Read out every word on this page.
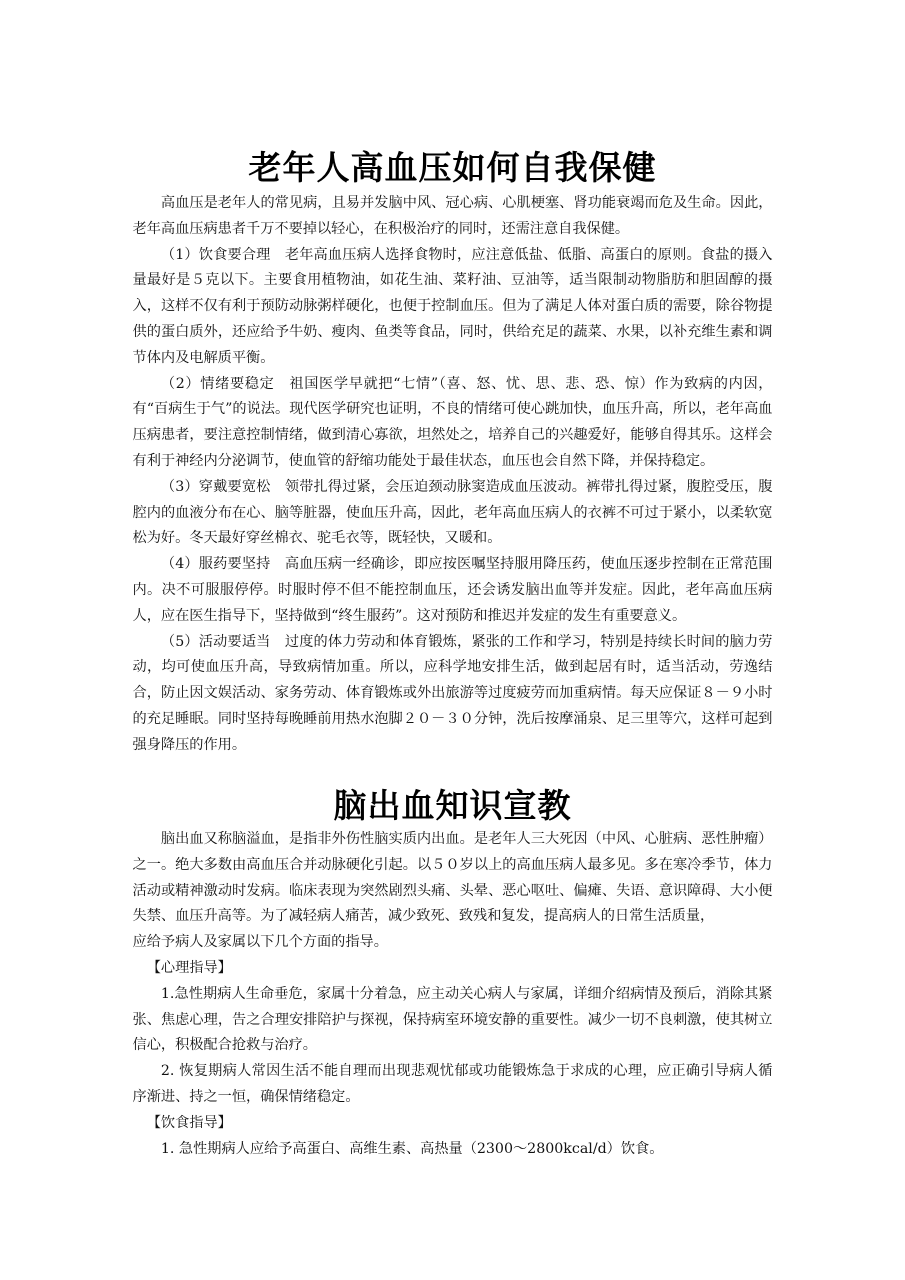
老年人高血压如何自我保健

高血压是老年人的常见病，且易并发脑中风、冠心病、心肌梗塞、肾功能衰竭而危及生命。因此，老年高血压病患者千万不要掉以轻心，在积极治疗的同时，还需注意自我保健。

（1）饮食要合理　老年高血压病人选择食物时，应注意低盐、低脂、高蛋白的原则。食盐的摄入量最好是５克以下。主要食用植物油，如花生油、菜籽油、豆油等，适当限制动物脂肪和胆固醇的摄入，这样不仅有利于预防动脉粥样硬化，也便于控制血压。但为了满足人体对蛋白质的需要，除谷物提供的蛋白质外，还应给予牛奶、瘦肉、鱼类等食品，同时，供给充足的蔬菜、水果，以补充维生素和调节体内及电解质平衡。

（2）情绪要稳定　祖国医学早就把“七情”（喜、怒、忧、思、悲、恐、惊）作为致病的内因，有“百病生于气”的说法。现代医学研究也证明，不良的情绪可使心跳加快，血压升高，所以，老年高血压病患者，要注意控制情绪，做到清心寡欲，坦然处之，培养自己的兴趣爱好，能够自得其乐。这样会有利于神经内分泌调节，使血管的舒缩功能处于最佳状态，血压也会自然下降，并保持稳定。

（3）穿戴要宽松　领带扎得过紧，会压迫颈动脉窦造成血压波动。裤带扎得过紧，腹腔受压，腹腔内的血液分布在心、脑等脏器，使血压升高，因此，老年高血压病人的衣裤不可过于紧小，以柔软宽松为好。冬天最好穿丝棉衣、驼毛衣等，既轻快，又暖和。

（4）服药要坚持　高血压病一经确诊，即应按医嘱坚持服用降压药，使血压逐步控制在正常范围内。决不可服服停停。时服时停不但不能控制血压，还会诱发脑出血等并发症。因此，老年高血压病人，应在医生指导下，坚持做到“终生服药”。这对预防和推迟并发症的发生有重要意义。

（5）活动要适当　过度的体力劳动和体育锻炼，紧张的工作和学习，特别是持续长时间的脑力劳动，均可使血压升高，导致病情加重。所以，应科学地安排生活，做到起居有时，适当活动，劳逸结合，防止因文娱活动、家务劳动、体育锻炼或外出旅游等过度疲劳而加重病情。每天应保证８－９小时的充足睡眠。同时坚持每晚睡前用热水泡脚２０－３０分钟，洗后按摩涌泉、足三里等穴，这样可起到强身降压的作用。

脑出血知识宣教

脑出血又称脑溢血，是指非外伤性脑实质内出血。是老年人三大死因（中风、心脏病、恶性肿瘤）之一。绝大多数由高血压合并动脉硬化引起。以５０岁以上的高血压病人最多见。多在寒冷季节，体力活动或精神激动时发病。临床表现为突然剧烈头痛、头晕、恶心呕吐、偏瘫、失语、意识障碍、大小便失禁、血压升高等。为了减轻病人痛苦，减少致死、致残和复发，提高病人的日常生活质量，

应给予病人及家属以下几个方面的指导。

【心理指导】

1.急性期病人生命垂危，家属十分着急，应主动关心病人与家属，详细介绍病情及预后，消除其紧张、焦虑心理，告之合理安排陪护与探视，保持病室环境安静的重要性。减少一切不良刺激，使其树立信心，积极配合抢救与治疗。

2. 恢复期病人常因生活不能自理而出现悲观忧郁或功能锻炼急于求成的心理，应正确引导病人循序渐进、持之一恒，确保情绪稳定。

【饮食指导】

1. 急性期病人应给予高蛋白、高维生素、高热量（2300～2800kcal/d）饮食。
